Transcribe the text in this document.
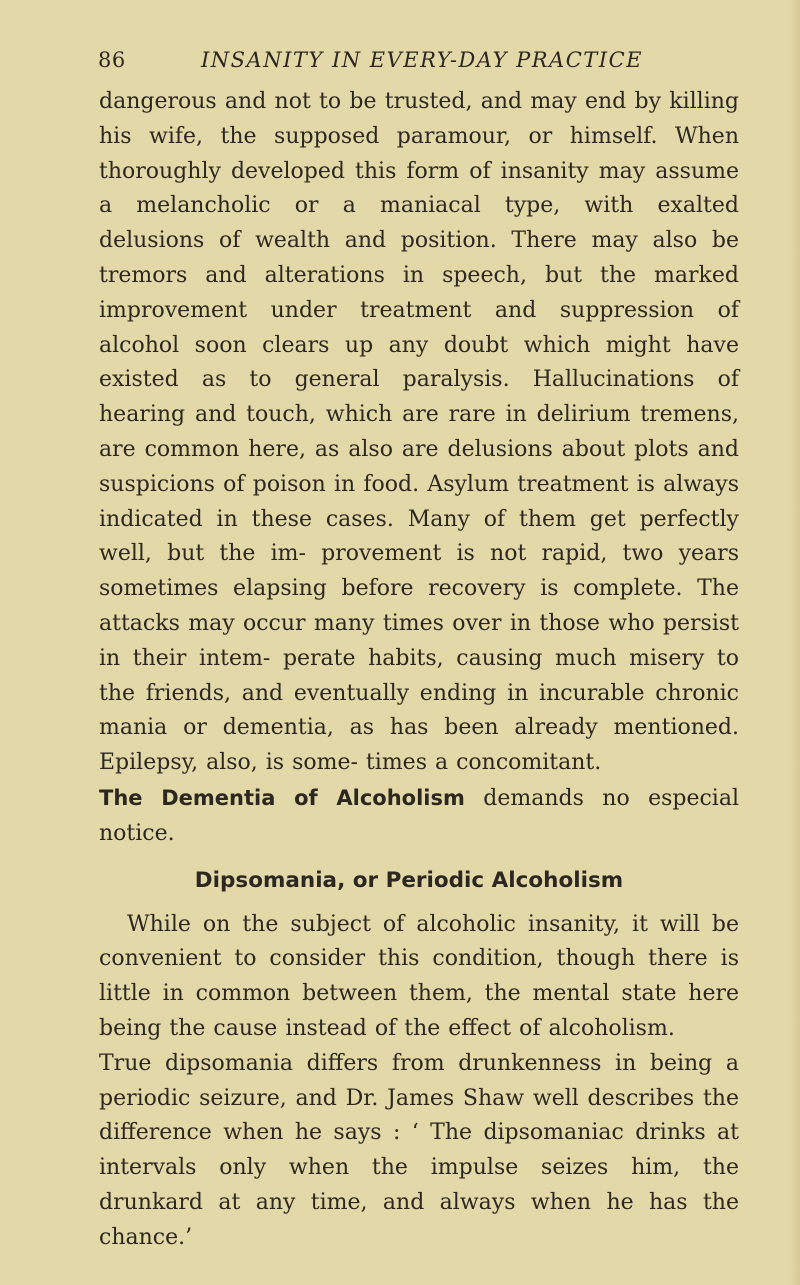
86	INSANITY IN EVERY-DAY PRACTICE

dangerous and not to be trusted, and may end by killing his wife, the supposed paramour, or himself. When thoroughly developed this form of insanity may assume a melancholic or a maniacal type, with exalted delusions of wealth and position. There may also be tremors and alterations in speech, but the marked improvement under treatment and suppression of alcohol soon clears up any doubt which might have existed as to general paralysis. Hallucinations of hearing and touch, which are rare in delirium tremens, are common here, as also are delusions about plots and suspicions of poison in food. Asylum treatment is always indicated in these cases. Many of them get perfectly well, but the im- provement is not rapid, two years sometimes elapsing before recovery is complete. The attacks may occur many times over in those who persist in their intem- perate habits, causing much misery to the friends, and eventually ending in incurable chronic mania or dementia, as has been already mentioned. Epilepsy, also, is some- times a concomitant.

The Dementia of Alcoholism demands no especial notice.

Dipsomania, or Periodic Alcoholism

While on the subject of alcoholic insanity, it will be convenient to consider this condition, though there is little in common between them, the mental state here being the cause instead of the effect of alcoholism.

True dipsomania differs from drunkenness in being a periodic seizure, and Dr. James Shaw well describes the difference when he says : ‘ The dipsomaniac drinks at intervals only when the impulse seizes him, the drunkard at any time, and always when he has the chance.’
